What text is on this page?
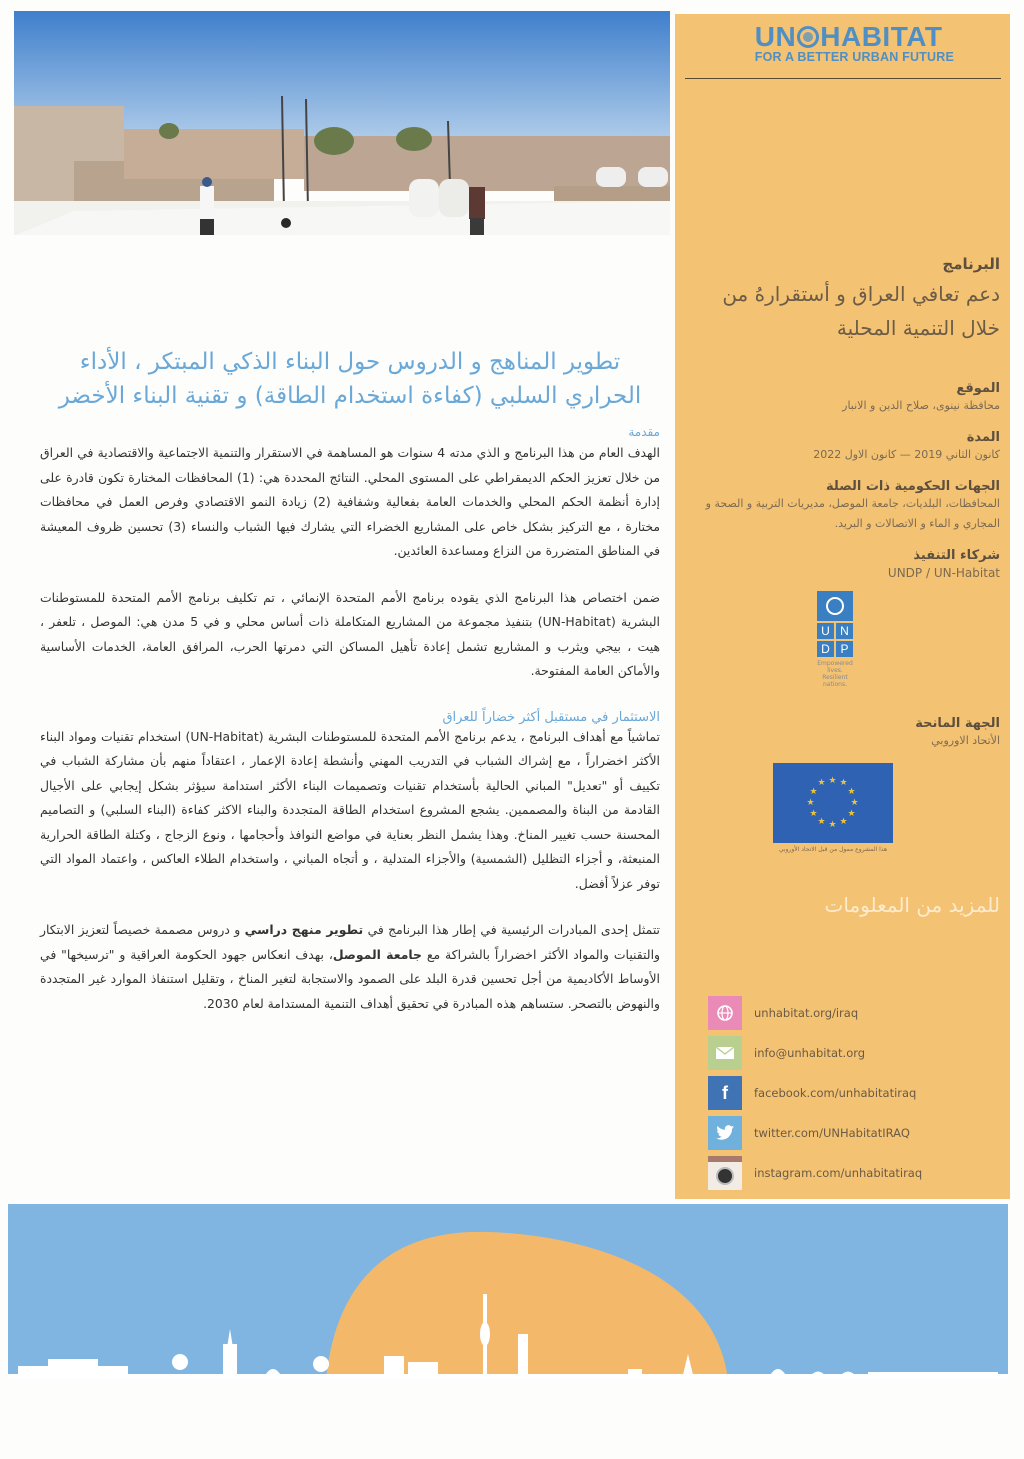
UN HABITAT
FOR A BETTER URBAN FUTURE

البرنامج

دعم تعافي العراق و أستقرارهُ من خلال التنمية المحلية

الموقع

محافظة نينوى، صلاح الدين و الانبار

المدة

كانون الثاني 2019 — كانون الاول 2022

الجهات الحكومية ذات الصلة

المحافظات، البلديات، جامعة الموصل، مديريات التربية و الصحة و المجاري و الماء و الاتصالات و البريد.

شركاء التنفيذ

UNDP / UN-Habitat

U N
D P
Empowered lives. Resilient nations.

الجهة المانحة

الأتحاد الاوروبي

★ ★
★
★
★
★
★
★
★
★
★
★
هذا المشروع ممول من قبل الاتحاد الأوروبي
للمزيد من المعلومات
unhabitat.org/iraq
info@unhabitat.org
f	facebook.com/unhabitatiraq
twitter.com/UNHabitatIRAQ
instagram.com/unhabitatiraq
تطوير المناهج و الدروس حول البناء الذكي المبتكر ، الأداء الحراري السلبي (كفاءة استخدام الطاقة) و تقنية البناء الأخضر

مقدمة

الهدف العام من هذا البرنامج و الذي مدته 4 سنوات هو المساهمة في الاستقرار والتنمية الاجتماعية والاقتصادية في العراق من خلال تعزيز الحكم الديمقراطي على المستوى المحلي. النتائج المحددة هي: (1) المحافظات المختارة تكون قادرة على إدارة أنظمة الحكم المحلي والخدمات العامة بفعالية وشفافية (2) زيادة النمو الاقتصادي وفرص العمل في محافظات مختارة ، مع التركيز بشكل خاص على المشاريع الخضراء التي يشارك فيها الشباب والنساء (3) تحسين ظروف المعيشة في المناطق المتضررة من النزاع ومساعدة العائدين.

ضمن اختصاص هذا البرنامج الذي يقوده برنامج الأمم المتحدة الإنمائي ، تم تكليف برنامج الأمم المتحدة للمستوطنات البشرية (UN-Habitat) بتنفيذ مجموعة من المشاريع المتكاملة ذات أساس محلي و في 5 مدن هي: الموصل ، تلعفر ، هيت ، بيجي ويثرب و المشاريع تشمل إعادة تأهيل المساكن التي دمرتها الحرب، المرافق العامة، الخدمات الأساسية والأماكن العامة المفتوحة.

الاستثمار في مستقبل أكثر خضاراً للعراق

تماشياً مع أهداف البرنامج ، يدعم برنامج الأمم المتحدة للمستوطنات البشرية (UN-Habitat) استخدام تقنيات ومواد البناء الأكثر اخضراراً ، مع إشراك الشباب في التدريب المهني وأنشطة إعادة الإعمار ، اعتقاداً منهم بأن مشاركة الشباب في تكييف أو "تعديل" المباني الحالية بأستخدام تقنيات وتصميمات البناء الأكثر استدامة سيؤثر بشكل إيجابي على الأجيال القادمة من البناة والمصممين. يشجع المشروع استخدام الطاقة المتجددة والبناء الاكثر كفاءة (البناء السلبي) و التصاميم المحسنة حسب تغيير المناخ. وهذا يشمل النظر بعناية في مواضع النوافذ وأحجامها ، ونوع الزجاج ، وكتلة الطاقة الحرارية المنبعثة، و أجزاء التظليل (الشمسية) والأجزاء المتدلية ، و أتجاه المباني ، واستخدام الطلاء العاكس ، واعتماد المواد التي توفر عزلاً أفضل.

تتمثل إحدى المبادرات الرئيسية في إطار هذا البرنامج في تطوير منهج دراسي و دروس مصممة خصيصاً لتعزيز الابتكار والتقنيات والمواد الأكثر اخضراراً بالشراكة مع جامعة الموصل، بهدف انعكاس جهود الحكومة العراقية و "ترسيخها" في الأوساط الأكاديمية من أجل تحسين قدرة البلد على الصمود والاستجابة لتغير المناخ ، وتقليل استنفاذ الموارد غير المتجددة والنهوض بالتصحر. ستساهم هذه المبادرة في تحقيق أهداف التنمية المستدامة لعام 2030.
